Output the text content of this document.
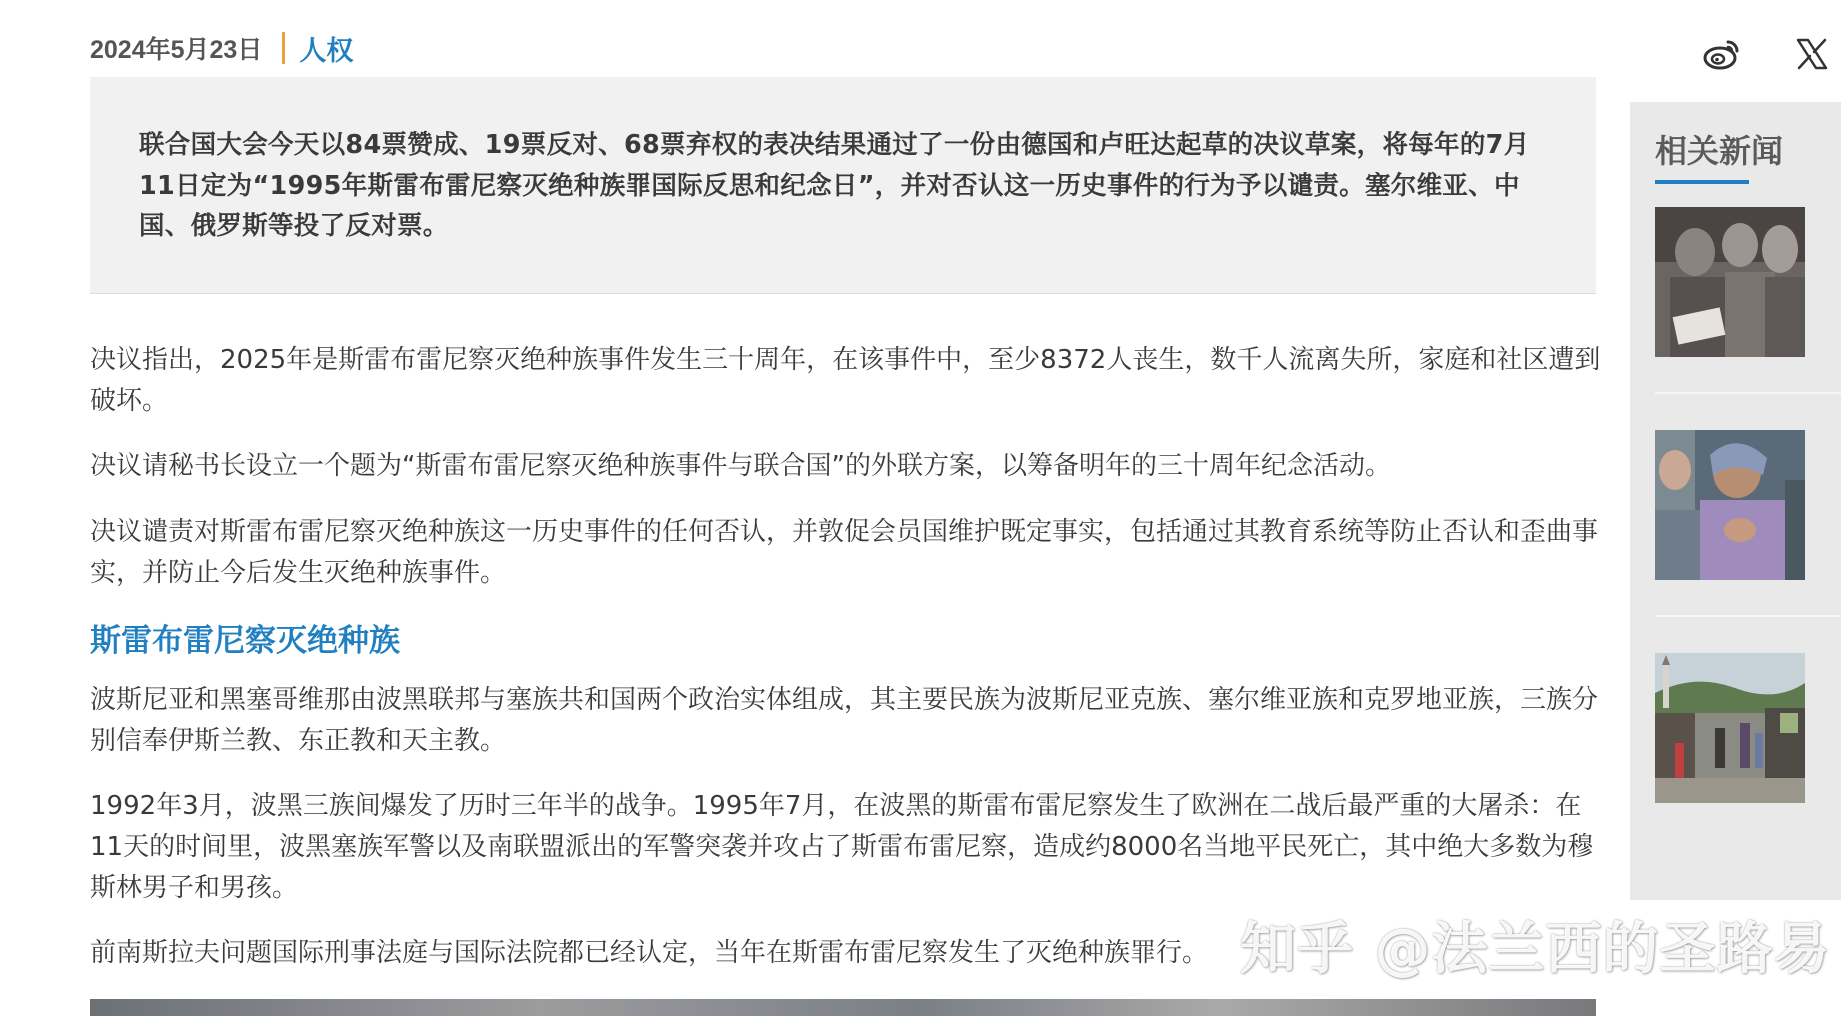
2024年5月23日 人权

联合国大会今天以84票赞成、19票反对、68票弃权的表决结果通过了一份由德国和卢旺达起草的决议草案，将每年的7月11日定为“1995年斯雷布雷尼察灭绝种族罪国际反思和纪念日”，并对否认这一历史事件的行为予以谴责。塞尔维亚、中国、俄罗斯等投了反对票。

决议指出，2025年是斯雷布雷尼察灭绝种族事件发生三十周年，在该事件中，至少8372人丧生，数千人流离失所，家庭和社区遭到破坏。

决议请秘书长设立一个题为“斯雷布雷尼察灭绝种族事件与联合国”的外联方案，以筹备明年的三十周年纪念活动。

决议谴责对斯雷布雷尼察灭绝种族这一历史事件的任何否认，并敦促会员国维护既定事实，包括通过其教育系统等防止否认和歪曲事实，并防止今后发生灭绝种族事件。

斯雷布雷尼察灭绝种族

波斯尼亚和黑塞哥维那由波黑联邦与塞族共和国两个政治实体组成，其主要民族为波斯尼亚克族、塞尔维亚族和克罗地亚族，三族分别信奉伊斯兰教、东正教和天主教。

1992年3月，波黑三族间爆发了历时三年半的战争。1995年7月，在波黑的斯雷布雷尼察发生了欧洲在二战后最严重的大屠杀：在11天的时间里，波黑塞族军警以及南联盟派出的军警突袭并攻占了斯雷布雷尼察，造成约8000名当地平民死亡，其中绝大多数为穆斯林男子和男孩。

前南斯拉夫问题国际刑事法庭与国际法院都已经认定，当年在斯雷布雷尼察发生了灭绝种族罪行。

相关新闻
知乎 @法兰西的圣路易
